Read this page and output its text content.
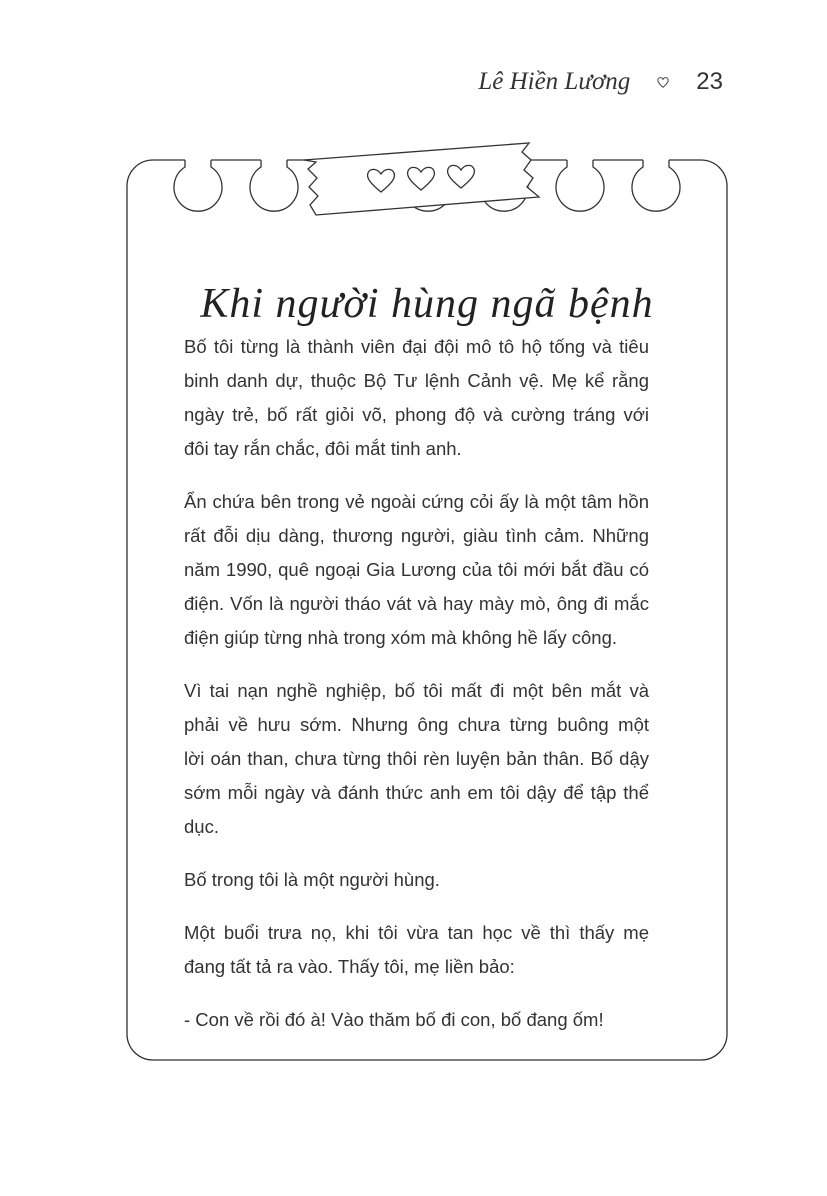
Lê Hiền Lương	23
Khi người hùng ngã bệnh

Bố tôi từng là thành viên đại đội mô tô hộ tống và tiêu
binh danh dự, thuộc Bộ Tư lệnh Cảnh vệ. Mẹ kể rằng
ngày trẻ, bố rất giỏi võ, phong độ và cường tráng với
đôi tay rắn chắc, đôi mắt tinh anh.

Ẩn chứa bên trong vẻ ngoài cứng cỏi ấy là một tâm hồn
rất đỗi dịu dàng, thương người, giàu tình cảm. Những
năm 1990, quê ngoại Gia Lương của tôi mới bắt đầu có
điện. Vốn là người tháo vát và hay mày mò, ông đi mắc
điện giúp từng nhà trong xóm mà không hề lấy công.

Vì tai nạn nghề nghiệp, bố tôi mất đi một bên mắt và
phải về hưu sớm. Nhưng ông chưa từng buông một
lời oán than, chưa từng thôi rèn luyện bản thân. Bố dậy
sớm mỗi ngày và đánh thức anh em tôi dậy để tập thể
dục.

Bố trong tôi là một người hùng.

Một buổi trưa nọ, khi tôi vừa tan học về thì thấy mẹ
đang tất tả ra vào. Thấy tôi, mẹ liền bảo:

- Con về rồi đó à! Vào thăm bố đi con, bố đang ốm!
